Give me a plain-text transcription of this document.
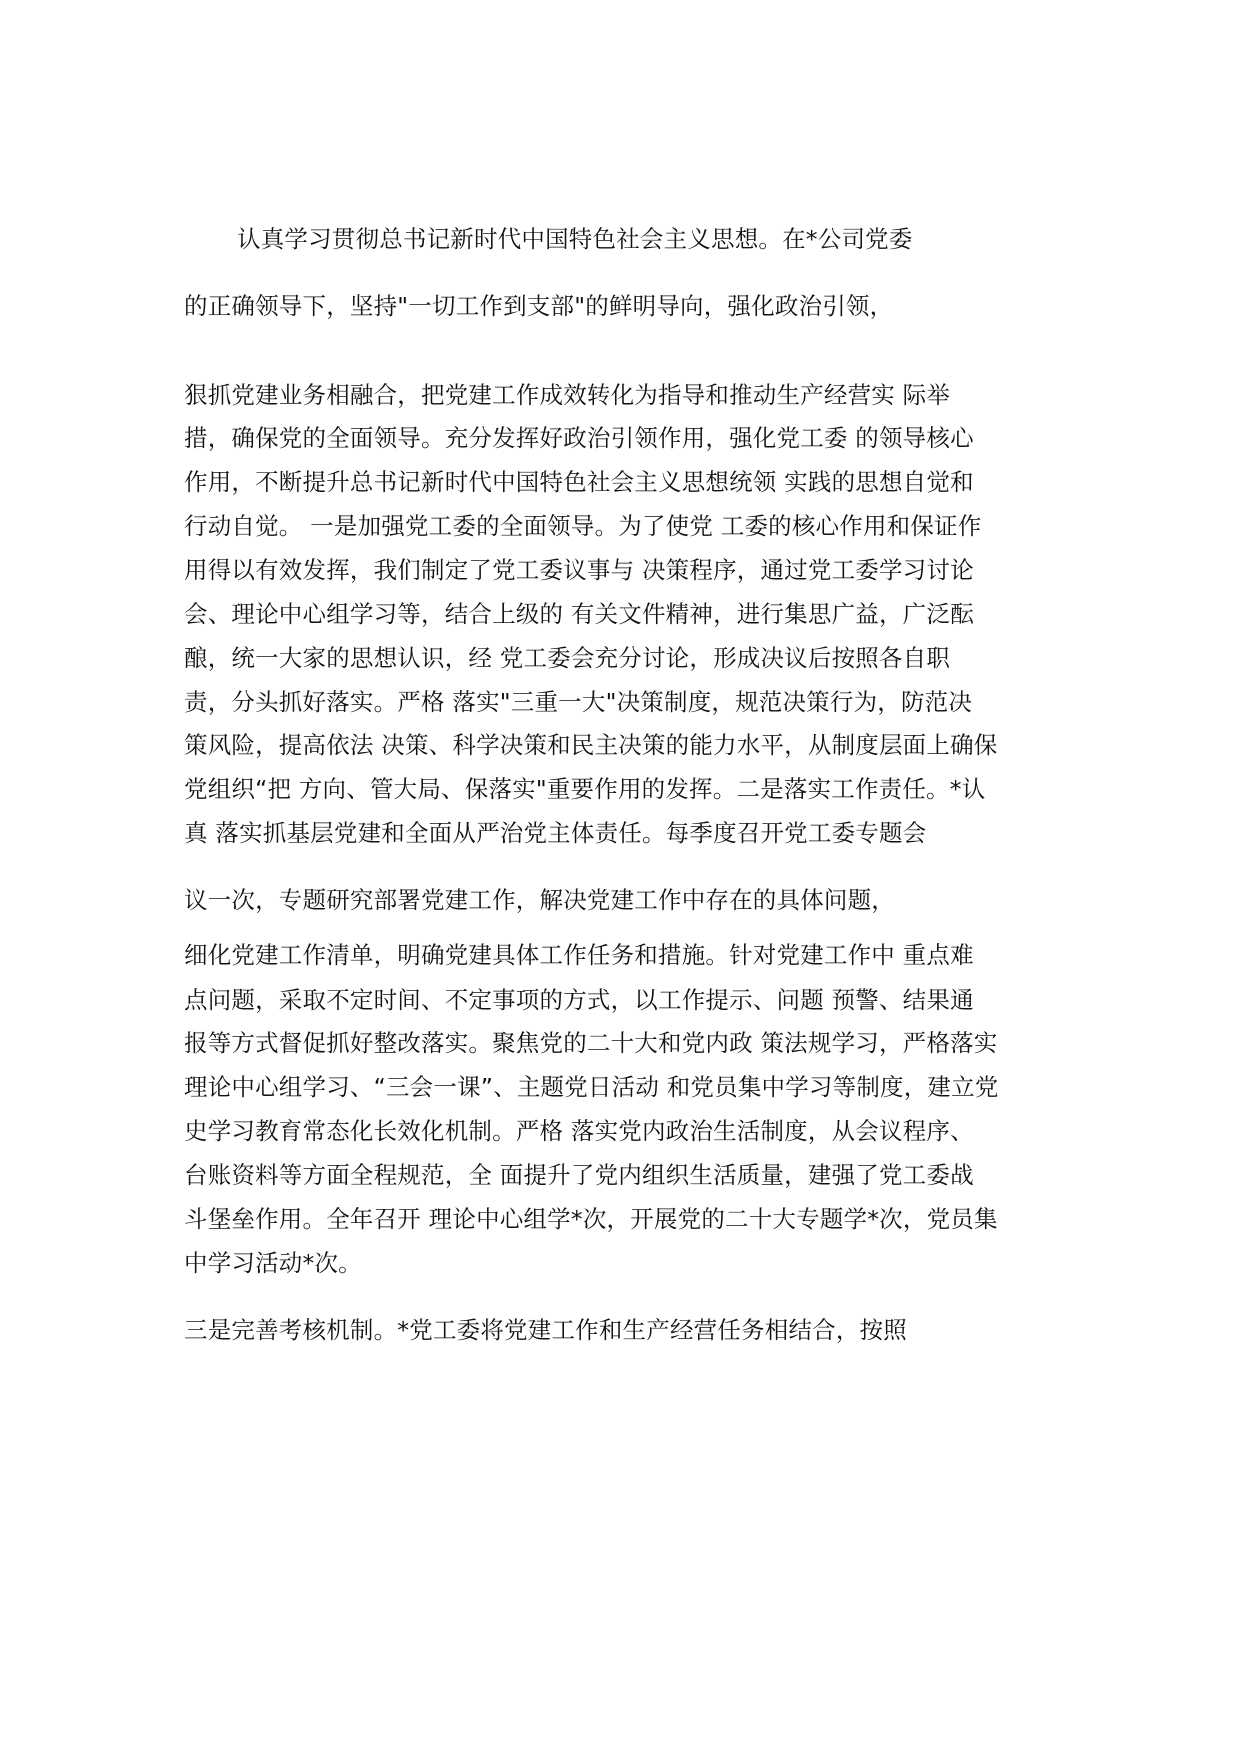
认真学习贯彻总书记新时代中国特色社会主义思想。在*公司党委
的正确领导下，坚持"一切工作到支部"的鲜明导向，强化政治引领，
狠抓党建业务相融合，把党建工作成效转化为指导和推动生产经营实 际举
措，确保党的全面领导。充分发挥好政治引领作用，强化党工委 的领导核心
作用，不断提升总书记新时代中国特色社会主义思想统领 实践的思想自觉和
行动自觉。 一是加强党工委的全面领导。为了使党 工委的核心作用和保证作
用得以有效发挥，我们制定了党工委议事与 决策程序，通过党工委学习讨论
会、理论中心组学习等，结合上级的 有关文件精神，进行集思广益，广泛酝
酿，统一大家的思想认识，经 党工委会充分讨论，形成决议后按照各自职
责，分头抓好落实。严格 落实"三重一大"决策制度，规范决策行为，防范决
策风险，提高依法 决策、科学决策和民主决策的能力水平，从制度层面上确保
党组织“把 方向、管大局、保落实"重要作用的发挥。二是落实工作责任。*认
真 落实抓基层党建和全面从严治党主体责任。每季度召开党工委专题会
议一次，专题研究部署党建工作，解决党建工作中存在的具体问题，
细化党建工作清单，明确党建具体工作任务和措施。针对党建工作中 重点难
点问题，采取不定时间、不定事项的方式，以工作提示、问题 预警、结果通
报等方式督促抓好整改落实。聚焦党的二十大和党内政 策法规学习，严格落实
理论中心组学习、“三会一课”、主题党日活动 和党员集中学习等制度，建立党
史学习教育常态化长效化机制。严格 落实党内政治生活制度，从会议程序、
台账资料等方面全程规范，全 面提升了党内组织生活质量，建强了党工委战
斗堡垒作用。全年召开 理论中心组学*次，开展党的二十大专题学*次，党员集
中学习活动*次。
三是完善考核机制。*党工委将党建工作和生产经营任务相结合，按照
